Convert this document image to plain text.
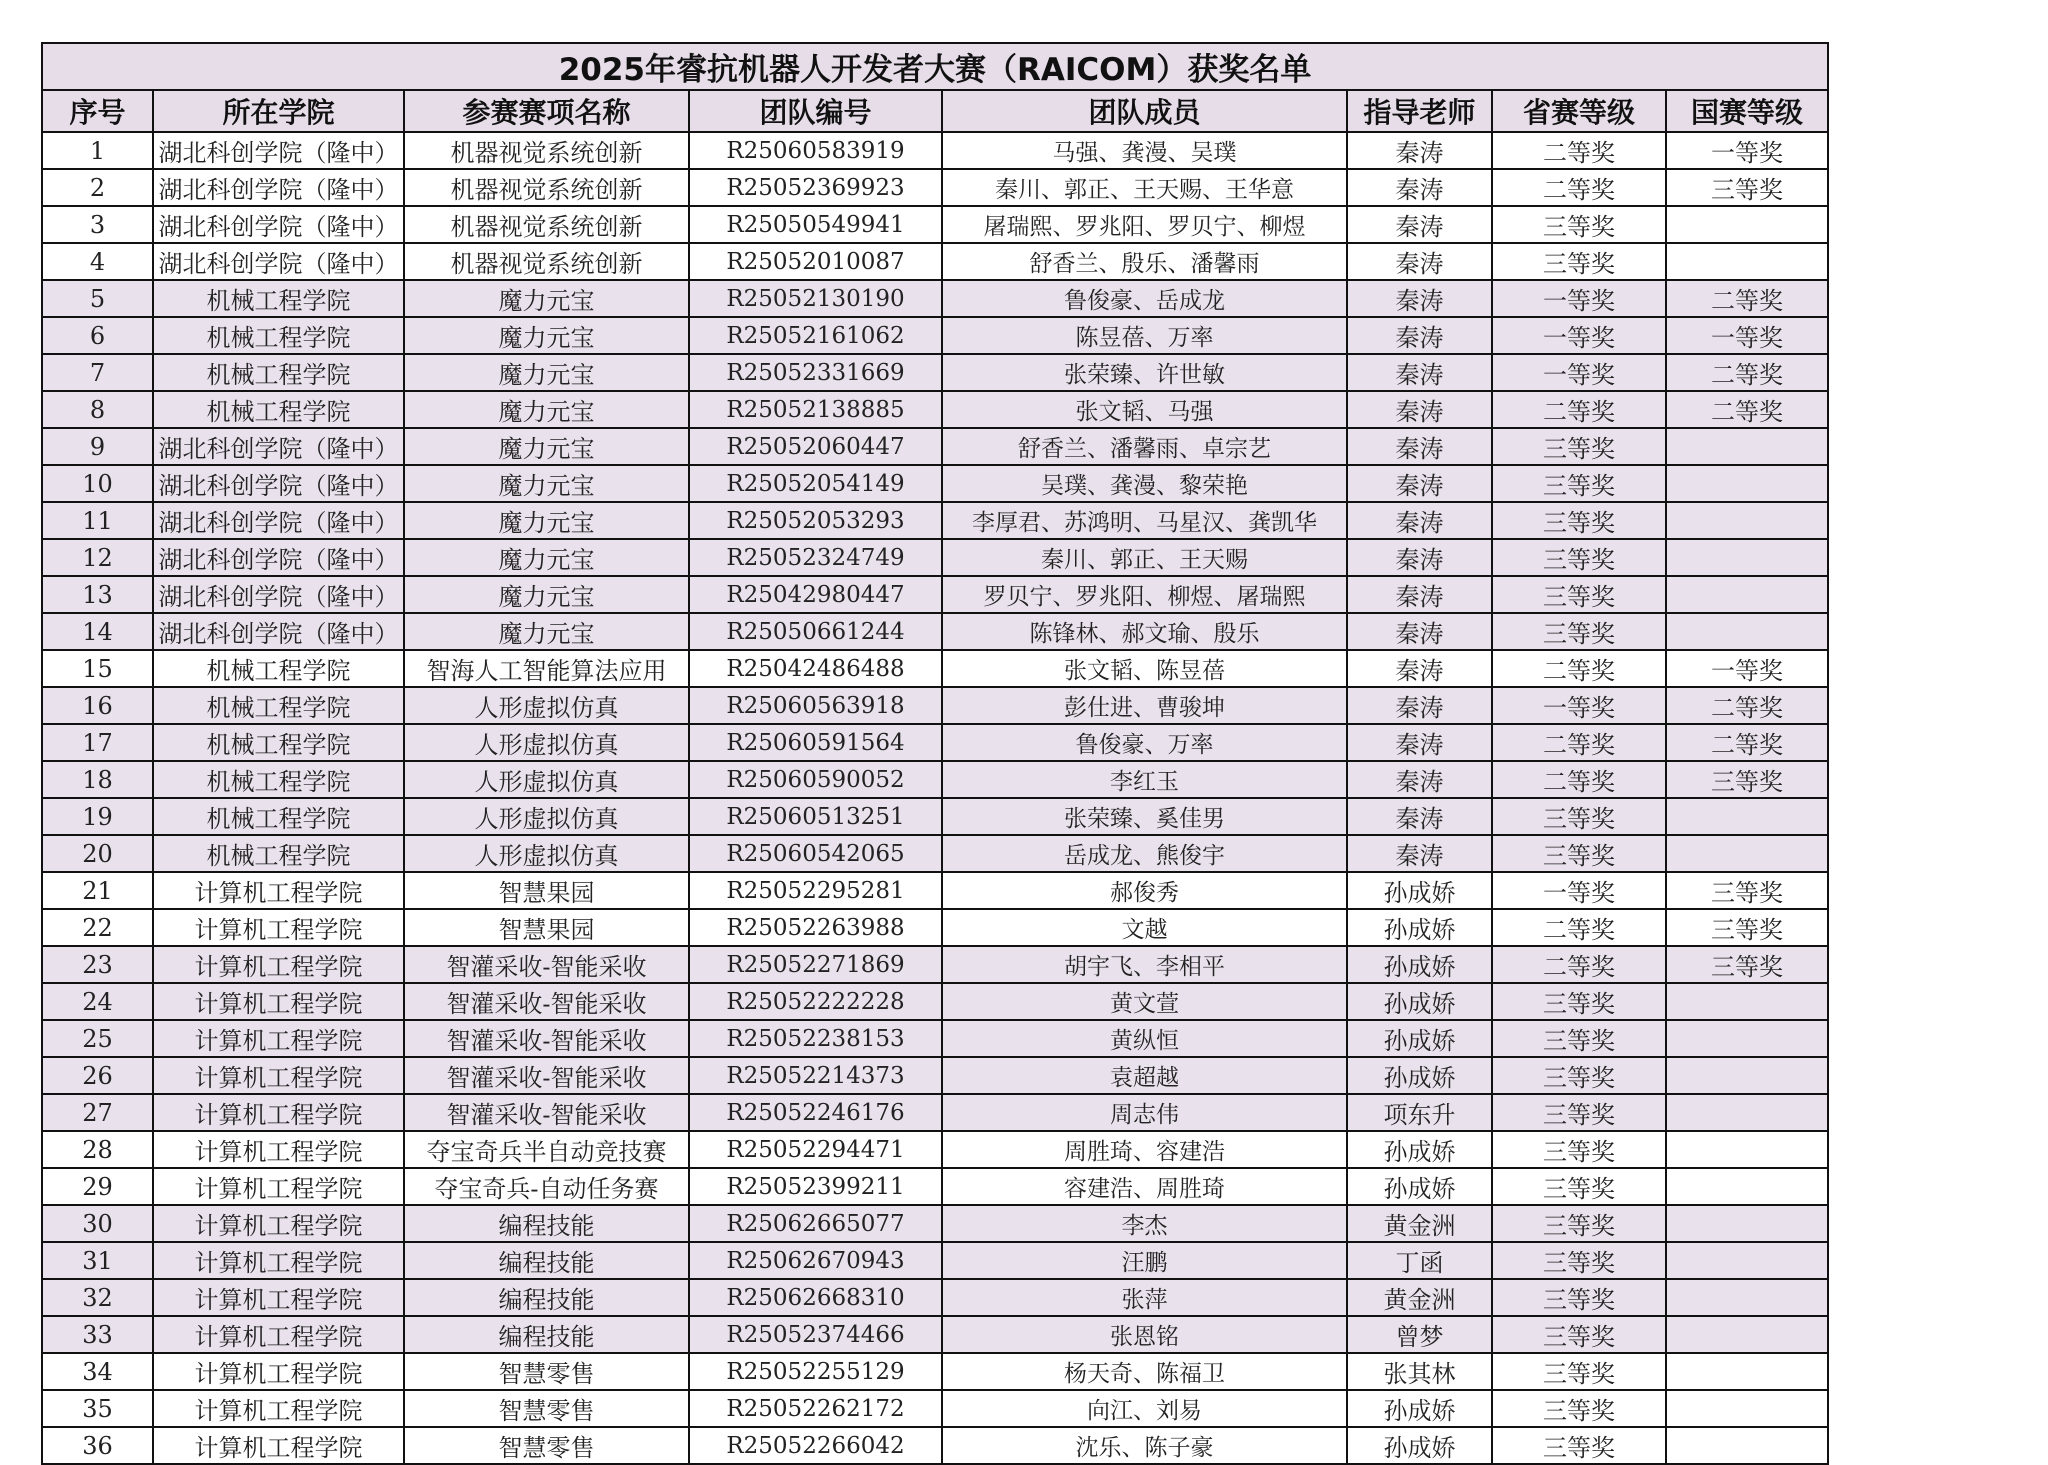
2025年睿抗机器人开发者大赛（RAICOM）获奖名单							
序号	所在学院	参赛赛项名称	团队编号	团队成员	指导老师	省赛等级	国赛等级
1	湖北科创学院（隆中）	机器视觉系统创新	R25060583919	马强、龚漫、吴璞	秦涛	二等奖	一等奖
2	湖北科创学院（隆中）	机器视觉系统创新	R25052369923	秦川、郭正、王天赐、王华意	秦涛	二等奖	三等奖
3	湖北科创学院（隆中）	机器视觉系统创新	R25050549941	屠瑞熙、罗兆阳、罗贝宁、柳煜	秦涛	三等奖	
4	湖北科创学院（隆中）	机器视觉系统创新	R25052010087	舒香兰、殷乐、潘馨雨	秦涛	三等奖	
5	机械工程学院	魔力元宝	R25052130190	鲁俊豪、岳成龙	秦涛	一等奖	二等奖
6	机械工程学院	魔力元宝	R25052161062	陈昱蓓、万率	秦涛	一等奖	一等奖
7	机械工程学院	魔力元宝	R25052331669	张荣臻、许世敏	秦涛	一等奖	二等奖
8	机械工程学院	魔力元宝	R25052138885	张文韬、马强	秦涛	二等奖	二等奖
9	湖北科创学院（隆中）	魔力元宝	R25052060447	舒香兰、潘馨雨、卓宗艺	秦涛	三等奖	
10	湖北科创学院（隆中）	魔力元宝	R25052054149	吴璞、龚漫、黎荣艳	秦涛	三等奖	
11	湖北科创学院（隆中）	魔力元宝	R25052053293	李厚君、苏鸿明、马星汉、龚凯华	秦涛	三等奖	
12	湖北科创学院（隆中）	魔力元宝	R25052324749	秦川、郭正、王天赐	秦涛	三等奖	
13	湖北科创学院（隆中）	魔力元宝	R25042980447	罗贝宁、罗兆阳、柳煜、屠瑞熙	秦涛	三等奖	
14	湖北科创学院（隆中）	魔力元宝	R25050661244	陈锋林、郝文瑜、殷乐	秦涛	三等奖	
15	机械工程学院	智海人工智能算法应用	R25042486488	张文韬、陈昱蓓	秦涛	二等奖	一等奖
16	机械工程学院	人形虚拟仿真	R25060563918	彭仕进、曹骏坤	秦涛	一等奖	二等奖
17	机械工程学院	人形虚拟仿真	R25060591564	鲁俊豪、万率	秦涛	二等奖	二等奖
18	机械工程学院	人形虚拟仿真	R25060590052	李红玉	秦涛	二等奖	三等奖
19	机械工程学院	人形虚拟仿真	R25060513251	张荣臻、奚佳男	秦涛	三等奖	
20	机械工程学院	人形虚拟仿真	R25060542065	岳成龙、熊俊宇	秦涛	三等奖	
21	计算机工程学院	智慧果园	R25052295281	郝俊秀	孙成娇	一等奖	三等奖
22	计算机工程学院	智慧果园	R25052263988	文越	孙成娇	二等奖	三等奖
23	计算机工程学院	智灌采收-智能采收	R25052271869	胡宇飞、李相平	孙成娇	二等奖	三等奖
24	计算机工程学院	智灌采收-智能采收	R25052222228	黄文萱	孙成娇	三等奖	
25	计算机工程学院	智灌采收-智能采收	R25052238153	黄纵恒	孙成娇	三等奖	
26	计算机工程学院	智灌采收-智能采收	R25052214373	袁超越	孙成娇	三等奖	
27	计算机工程学院	智灌采收-智能采收	R25052246176	周志伟	项东升	三等奖	
28	计算机工程学院	夺宝奇兵半自动竞技赛	R25052294471	周胜琦、容建浩	孙成娇	三等奖	
29	计算机工程学院	夺宝奇兵-自动任务赛	R25052399211	容建浩、周胜琦	孙成娇	三等奖	
30	计算机工程学院	编程技能	R25062665077	李杰	黄金洲	三等奖	
31	计算机工程学院	编程技能	R25062670943	汪鹏	丁函	三等奖	
32	计算机工程学院	编程技能	R25062668310	张萍	黄金洲	三等奖	
33	计算机工程学院	编程技能	R25052374466	张恩铭	曾梦	三等奖	
34	计算机工程学院	智慧零售	R25052255129	杨天奇、陈福卫	张其林	三等奖	
35	计算机工程学院	智慧零售	R25052262172	向江、刘易	孙成娇	三等奖	
36	计算机工程学院	智慧零售	R25052266042	沈乐、陈子豪	孙成娇	三等奖	
